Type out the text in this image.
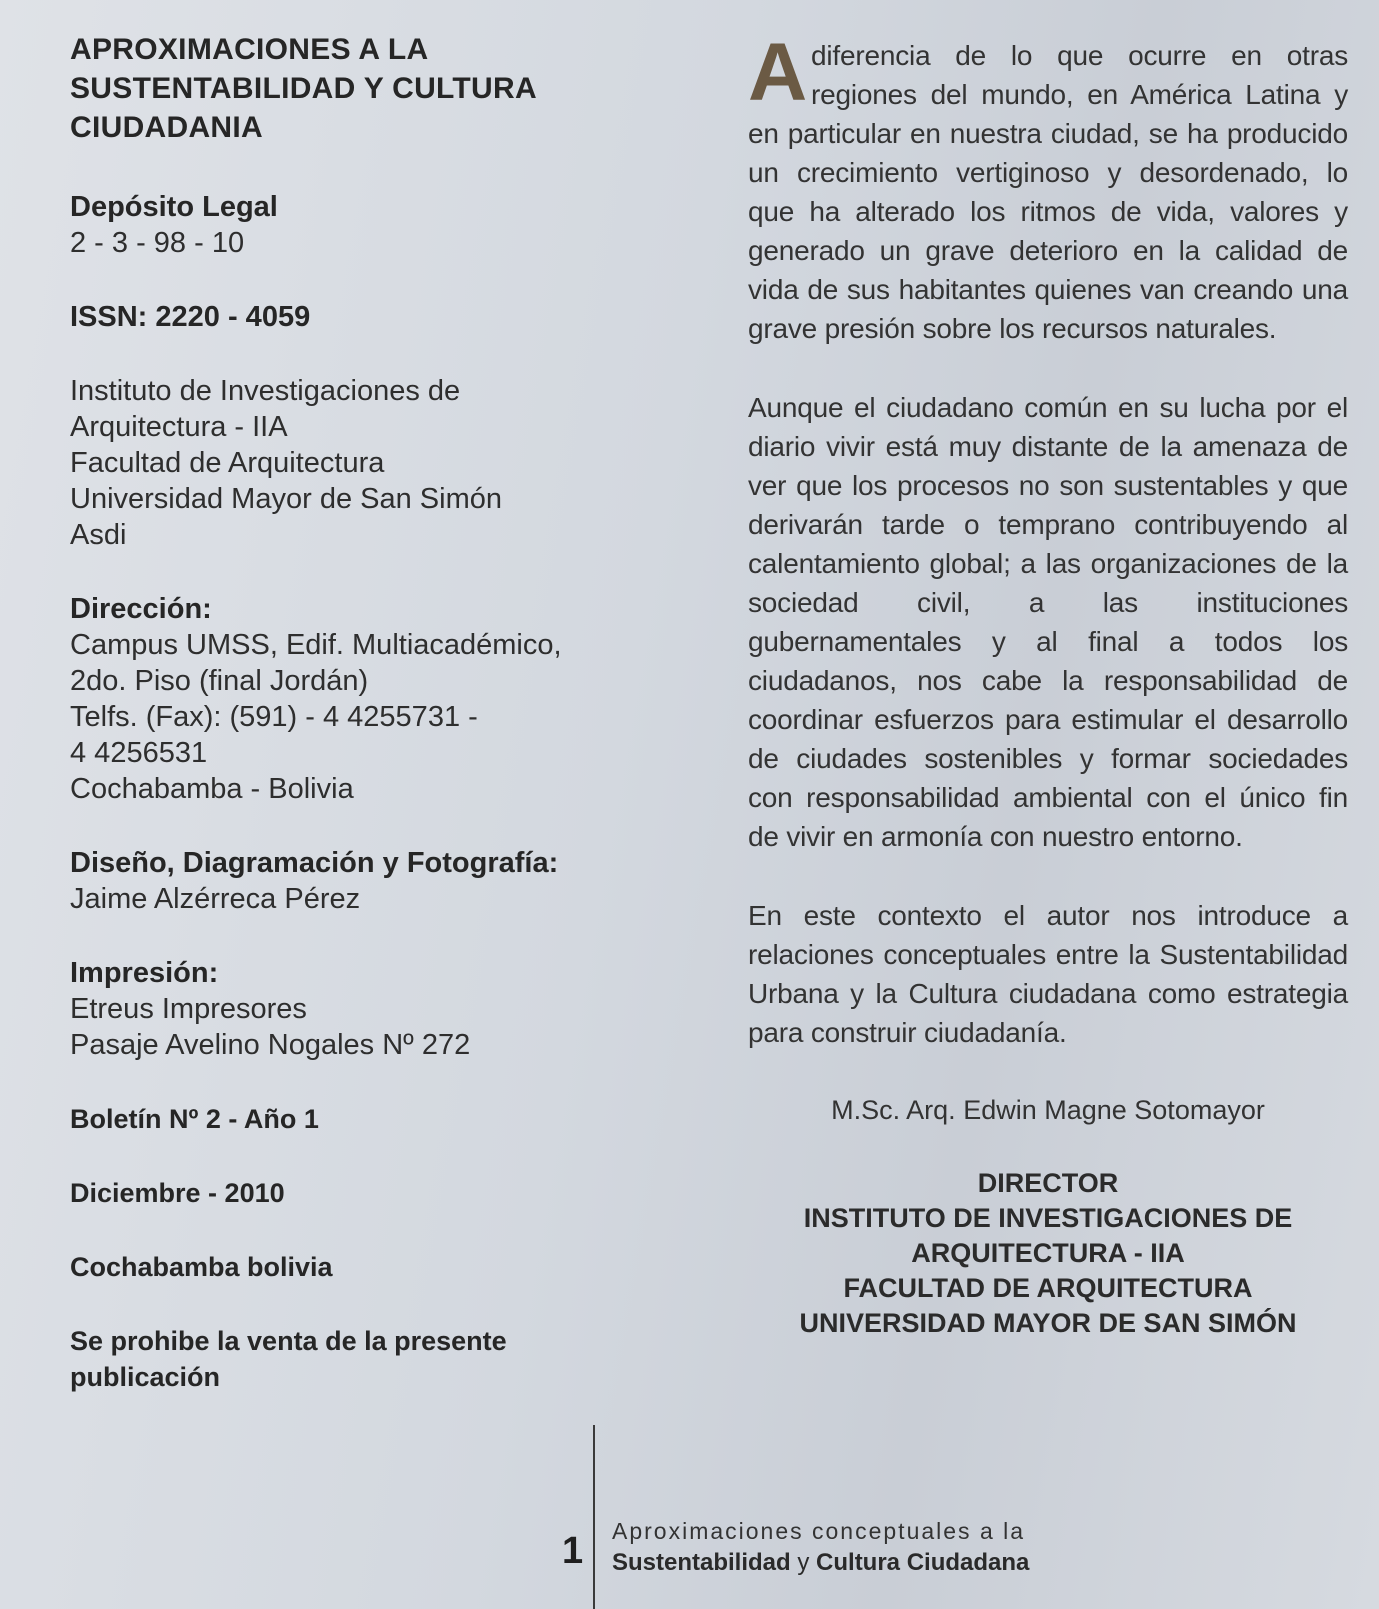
APROXIMACIONES A LA
SUSTENTABILIDAD Y CULTURA
CIUDADANIA
Depósito Legal
2 - 3 - 98 - 10
ISSN: 2220 - 4059
Instituto de Investigaciones de
Arquitectura - IIA
Facultad de Arquitectura
Universidad Mayor de San Simón
Asdi
Dirección:
Campus UMSS, Edif. Multiacadémico,
2do. Piso (final Jordán)
Telfs. (Fax): (591) - 4 4255731 -
4 4256531
Cochabamba - Bolivia
Diseño, Diagramación y Fotografía:
Jaime Alzérreca Pérez
Impresión:
Etreus Impresores
Pasaje Avelino Nogales Nº 272
Boletín Nº 2 - Año 1
Diciembre - 2010
Cochabamba bolivia
Se prohibe la venta de la presente
publicación

A diferencia de lo que ocurre en otras regiones del mundo, en América Latina y en particular en nuestra ciudad, se ha producido un crecimiento vertiginoso y desordenado, lo que ha alterado los ritmos de vida, valores y generado un grave deterioro en la calidad de vida de sus habitantes quienes van creando una grave presión sobre los recursos naturales.

Aunque el ciudadano común en su lucha por el diario vivir está muy distante de la amenaza de ver que los procesos no son sustentables y que derivarán tarde o temprano contribuyendo al calentamiento global; a las organizaciones de la sociedad civil, a las instituciones gubernamentales y al final a todos los ciudadanos, nos cabe la responsabilidad de coordinar esfuerzos para estimular el desarrollo de ciudades sostenibles y formar sociedades con responsabilidad ambiental con el único fin de vivir en armonía con nuestro entorno.

En este contexto el autor nos introduce a relaciones conceptuales entre la Sustentabilidad Urbana y la Cultura ciudadana como estrategia para construir ciudadanía.

M.Sc. Arq. Edwin Magne Sotomayor
DIRECTOR
INSTITUTO DE INVESTIGACIONES DE
ARQUITECTURA - IIA
FACULTAD DE ARQUITECTURA
UNIVERSIDAD MAYOR DE SAN SIMÓN
1 Aproximaciones conceptuales a la
Sustentabilidad y Cultura Ciudadana
